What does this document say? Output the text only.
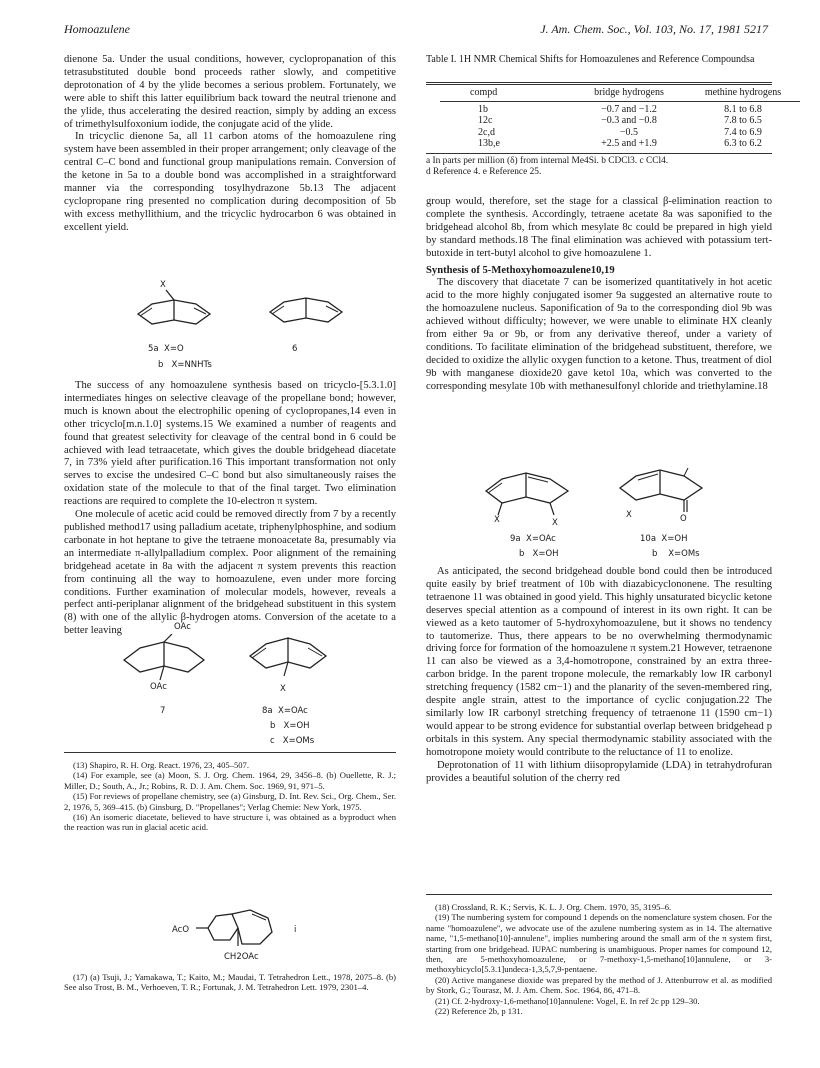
Homoazulene	J. Am. Chem. Soc., Vol. 103, No. 17, 1981 5217

dienone 5a. Under the usual conditions, however, cyclopropanation of this tetrasubstituted double bond proceeds rather slowly, and competitive deprotonation of 4 by the ylide becomes a serious problem. Fortunately, we were able to shift this latter equilibrium back toward the neutral trienone and the ylide, thus accelerating the desired reaction, simply by adding an excess of trimethylsulfoxonium iodide, the conjugate acid of the ylide.

In tricyclic dienone 5a, all 11 carbon atoms of the homoazulene ring system have been assembled in their proper arrangement; only cleavage of the central C–C bond and functional group manipulations remain. Conversion of the ketone in 5a to a double bond was accomplished in a straightforward manner via the corresponding tosylhydrazone 5b.13 The adjacent cyclopropane ring presented no complication during decomposition of 5b with excess methyllithium, and the tricyclic hydrocarbon 6 was obtained in excellent yield.

X
5a  X=O
b   X=NNHTs
6

The success of any homoazulene synthesis based on tricyclo-[5.3.1.0] intermediates hinges on selective cleavage of the propellane bond; however, much is known about the electrophilic opening of cyclopropanes,14 even in other tricyclo[m.n.1.0] systems.15 We examined a number of reagents and found that greatest selectivity for cleavage of the central bond in 6 could be achieved with lead tetraacetate, which gives the double bridgehead diacetate 7, in 73% yield after purification.16 This important transformation not only serves to excise the undesired C–C bond but also simultaneously raises the oxidation state of the molecule to that of the final target. Two elimination reactions are required to complete the 10-electron π system.

One molecule of acetic acid could be removed directly from 7 by a recently published method17 using palladium acetate, triphenylphosphine, and sodium carbonate in hot heptane to give the tetraene monoacetate 8a, presumably via an intermediate π-allylpalladium complex. Poor alignment of the remaining bridgehead acetate in 8a with the adjacent π system prevents this reaction from continuing all the way to homoazulene, even under more forcing conditions. Further examination of molecular models, however, reveals a perfect anti-periplanar alignment of the bridgehead substituent in this system (8) with one of the allylic β-hydrogen atoms. Conversion of the acetate to a better leaving	OAc
OAc
7
X
8a  X=OAc
b   X=OH
c   X=OMs

(13) Shapiro, R. H. Org. React. 1976, 23, 405–507.

(14) For example, see (a) Moon, S. J. Org. Chem. 1964, 29, 3456–8. (b) Ouellette, R. J.; Miller, D.; South, A., Jr.; Robins, R. D. J. Am. Chem. Soc. 1969, 91, 971–5.

(15) For reviews of propellane chemistry, see (a) Ginsburg, D. Int. Rev. Sci., Org. Chem., Ser. 2, 1976, 5, 369–415. (b) Ginsburg, D. "Propellanes"; Verlag Chemie: New York, 1975.

(16) An isomeric diacetate, believed to have structure i, was obtained as a byproduct when the reaction was run in glacial acetic acid.

AcO	i
CH2OAc

(17) (a) Tsuji, J.; Yamakawa, T.; Kaito, M.; Maudai, T. Tetrahedron Lett., 1978, 2075–8. (b) See also Trost, B. M., Verhoeven, T. R.; Fortunak, J. M. Tetrahedron Lett. 1979, 2301–4.

Table I. 1H NMR Chemical Shifts for Homoazulenes and Reference Compoundsa
compd	bridge hydrogens	methine hydrogens

1b	−0.7 and −1.2	8.1 to 6.8
12c	−0.3 and −0.8	7.8 to 6.5
2c,d	−0.5	7.4 to 6.9
13b,e	+2.5 and +1.9	6.3 to 6.2
a In parts per million (δ) from internal Me4Si. b CDCl3. c CCl4.
d Reference 4. e Reference 25.

group would, therefore, set the stage for a classical β-elimination reaction to complete the synthesis. Accordingly, tetraene acetate 8a was saponified to the bridgehead alcohol 8b, from which mesylate 8c could be prepared in high yield by standard methods.18 The final elimination was achieved with potassium tert-butoxide in tert-butyl alcohol to give homoazulene 1.

Synthesis of 5-Methoxyhomoazulene10,19

The discovery that diacetate 7 can be isomerized quantitatively in hot acetic acid to the more highly conjugated isomer 9a suggested an alternative route to the homoazulene nucleus. Saponification of 9a to the corresponding diol 9b was achieved without difficulty; however, we were unable to eliminate HX cleanly from either 9a or 9b, or from any derivative thereof, under a variety of conditions. To facilitate elimination of the bridgehead substituent, therefore, we decided to oxidize the allylic oxygen function to a ketone. Thus, treatment of diol 9b with manganese dioxide20 gave ketol 10a, which was converted to the corresponding mesylate 10b with methanesulfonyl chloride and triethylamine.18

X	X
9a  X=OAc
b   X=OH
X	O
10a  X=OH
b    X=OMs

As anticipated, the second bridgehead double bond could then be introduced quite easily by brief treatment of 10b with diazabicyclononene. The resulting tetraenone 11 was obtained in good yield. This highly unsaturated bicyclic ketone deserves special attention as a compound of interest in its own right. It can be viewed as a keto tautomer of 5-hydroxyhomoazulene, but it shows no tendency to tautomerize. Thus, there appears to be no overwhelming thermodynamic driving force for formation of the homoazulene π system.21 However, tetraenone 11 can also be viewed as a 3,4-homotropone, constrained by an extra three-carbon bridge. In the parent tropone molecule, the remarkably low IR carbonyl stretching frequency (1582 cm−1) and the planarity of the seven-membered ring, despite angle strain, attest to the importance of cyclic conjugation.22 The similarly low IR carbonyl stretching frequency of tetraenone 11 (1590 cm−1) would appear to be strong evidence for substantial overlap between bridgehead p orbitals in this system. Any special thermodynamic stability associated with the homotropone moiety would contribute to the reluctance of 11 to enolize.

Deprotonation of 11 with lithium diisopropylamide (LDA) in tetrahydrofuran provides a beautiful solution of the cherry red

(18) Crossland, R. K.; Servis, K. L. J. Org. Chem. 1970, 35, 3195–6.

(19) The numbering system for compound 1 depends on the nomenclature system chosen. For the name "homoazulene", we advocate use of the azulene numbering system as in 14. The alternative name, "1,5-methano[10]-annulene", implies numbering around the small arm of the π system first, starting from one bridgehead. IUPAC numbering is unambiguous. Proper names for compound 12, then, are 5-methoxyhomoazulene, or 7-methoxy-1,5-methano[10]annulene, or 3-methoxybicyclo[5.3.1]undeca-1,3,5,7,9-pentaene.

(20) Active manganese dioxide was prepared by the method of J. Attenburrow et al. as modified by Stork, G.; Tourasz, M. J. Am. Chem. Soc. 1964, 86, 471–8.

(21) Cf. 2-hydroxy-1,6-methano[10]annulene: Vogel, E. In ref 2c pp 129–30.

(22) Reference 2b, p 131.
